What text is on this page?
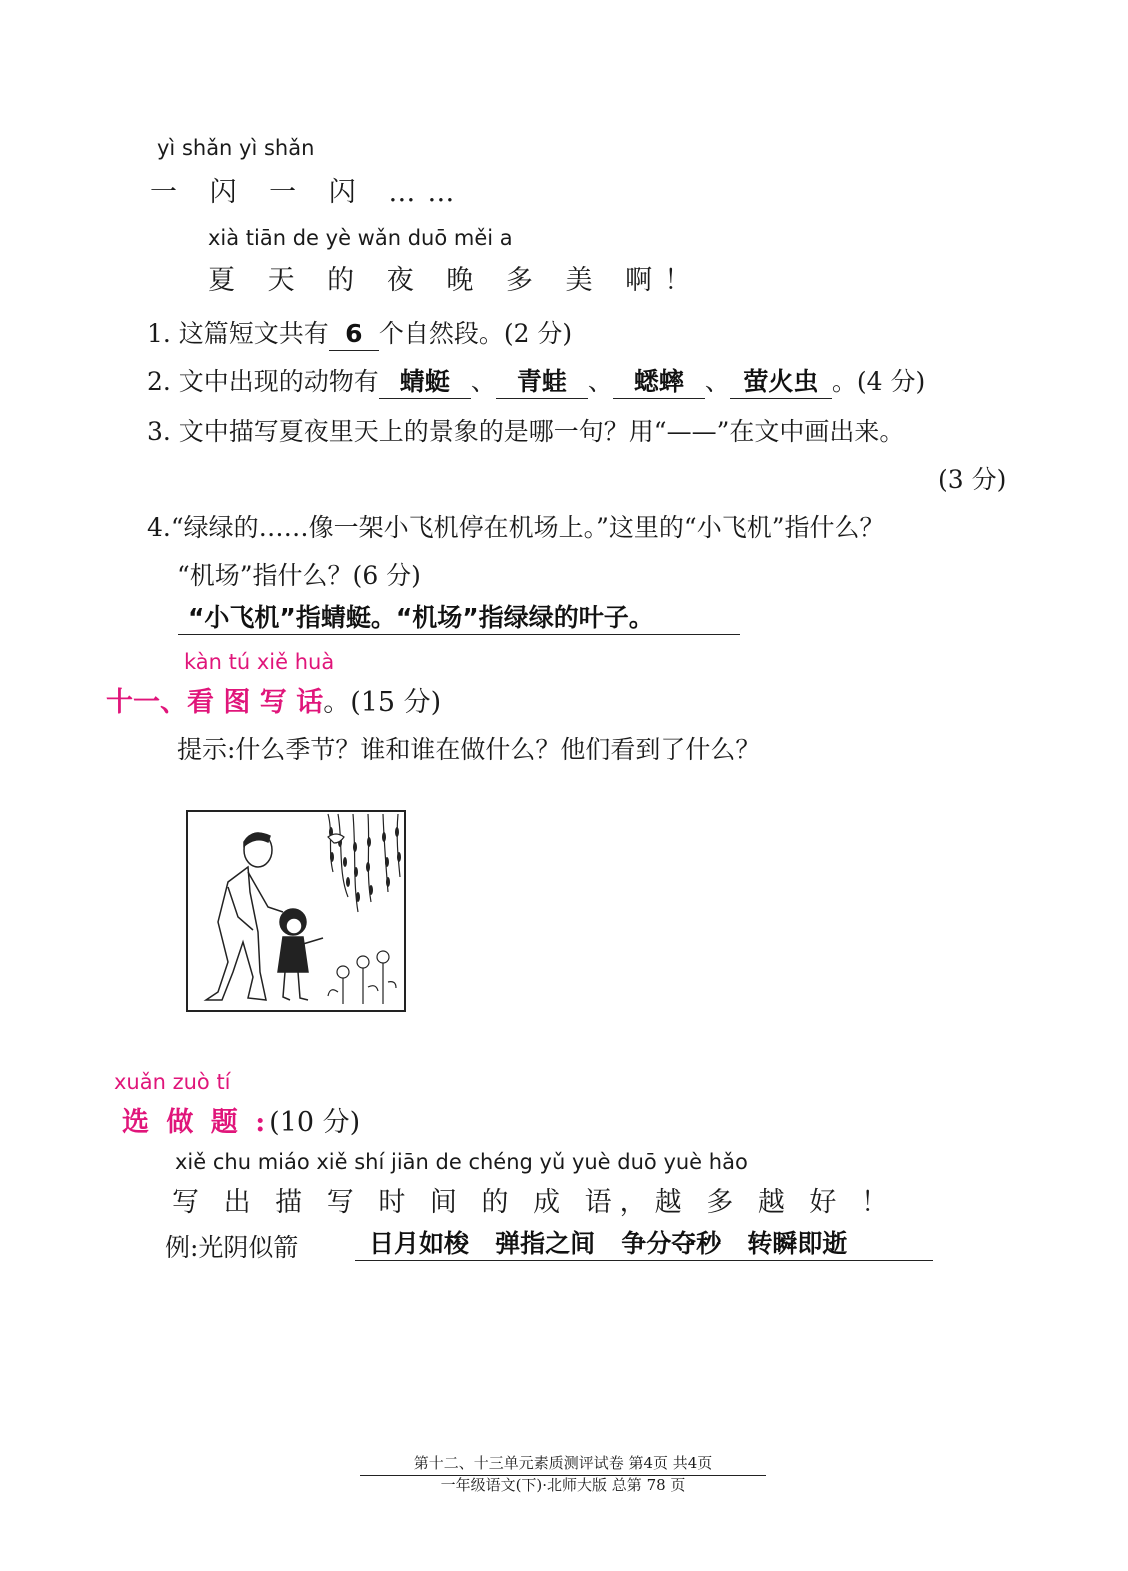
yì shǎn yì shǎn
一 闪 一 闪 ……
xià tiān de yè wǎn duō měi a
夏 天 的 夜 晚 多 美 啊！
1. 这篇短文共有 6 个自然段。(2 分)
2. 文中出现的动物有 蜻蜓 、 青蛙 、 蟋蟀 、 萤火虫 。(4 分)
3. 文中描写夏夜里天上的景象的是哪一句？用“——”在文中画出来。
(3 分)
4.“绿绿的……像一架小飞机停在机场上。”这里的“小飞机”指什么？
“机场”指什么？(6 分)
“小飞机”指蜻蜓。“机场”指绿绿的叶子。
kàn tú xiě huà
十一、看 图 写 话。(15 分)
提示:什么季节？谁和谁在做什么？他们看到了什么？
xuǎn zuò tí
选 做 题 :(10 分)
xiě chu miáo xiě shí jiān de chéng yǔ yuè duō yuè hǎo
写 出 描 写 时 间 的 成 语，越 多 越 好 ！
例:光阴似箭	日月如梭   弹指之间   争分夺秒   转瞬即逝
第十二、十三单元素质测评试卷 第4页 共4页
一年级语文(下)·北师大版 总第 78 页
